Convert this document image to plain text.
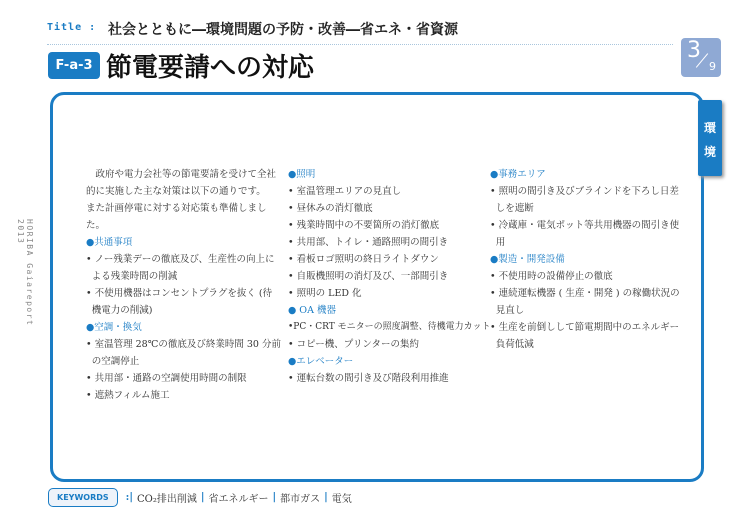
Title : 社会とともに―環境問題の予防・改善―省エネ・省資源
F-a-3 節電要請への対応
3
9
HORIBA Gaiareport 2013
環
境

政府や電力会社等の節電要請を受けて全社的に実施した主な対策は以下の通りです。

また計画停電に対する対応策も準備しました。

●共通事項

• ノー残業デーの徹底及び、生産性の向上による残業時間の削減

• 不使用機器はコンセントプラグを抜く (待機電力の削減)

●空調・換気

• 室温管理 28℃の徹底及び終業時間 30 分前の空調停止

• 共用部・通路の空調使用時間の制限

• 遮熱フィルム施工

●照明

• 室温管理エリアの見直し

• 昼休みの消灯徹底

• 残業時間中の不要箇所の消灯徹底

• 共用部、トイレ・通路照明の間引き

• 看板ロゴ照明の終日ライトダウン

• 自販機照明の消灯及び、一部間引き

• 照明の LED 化

● OA 機器

•PC・CRT モニターの照度調整、待機電力カット

• コピー機、プリンターの集約

●エレベーター

• 運転台数の間引き及び階段利用推進

●事務エリア

• 照明の間引き及びブラインドを下ろし日差しを遮断

• 冷蔵庫・電気ポット等共用機器の間引き使用

●製造・開発設備

• 不使用時の設備停止の徹底

• 連続運転機器 ( 生産・開発 ) の稼働状況の見直し

• 生産を前倒しして節電期間中のエネルギー負荷低減

KEYWORDS	:| CO₂排出削減 | 省エネルギー | 都市ガス | 電気
